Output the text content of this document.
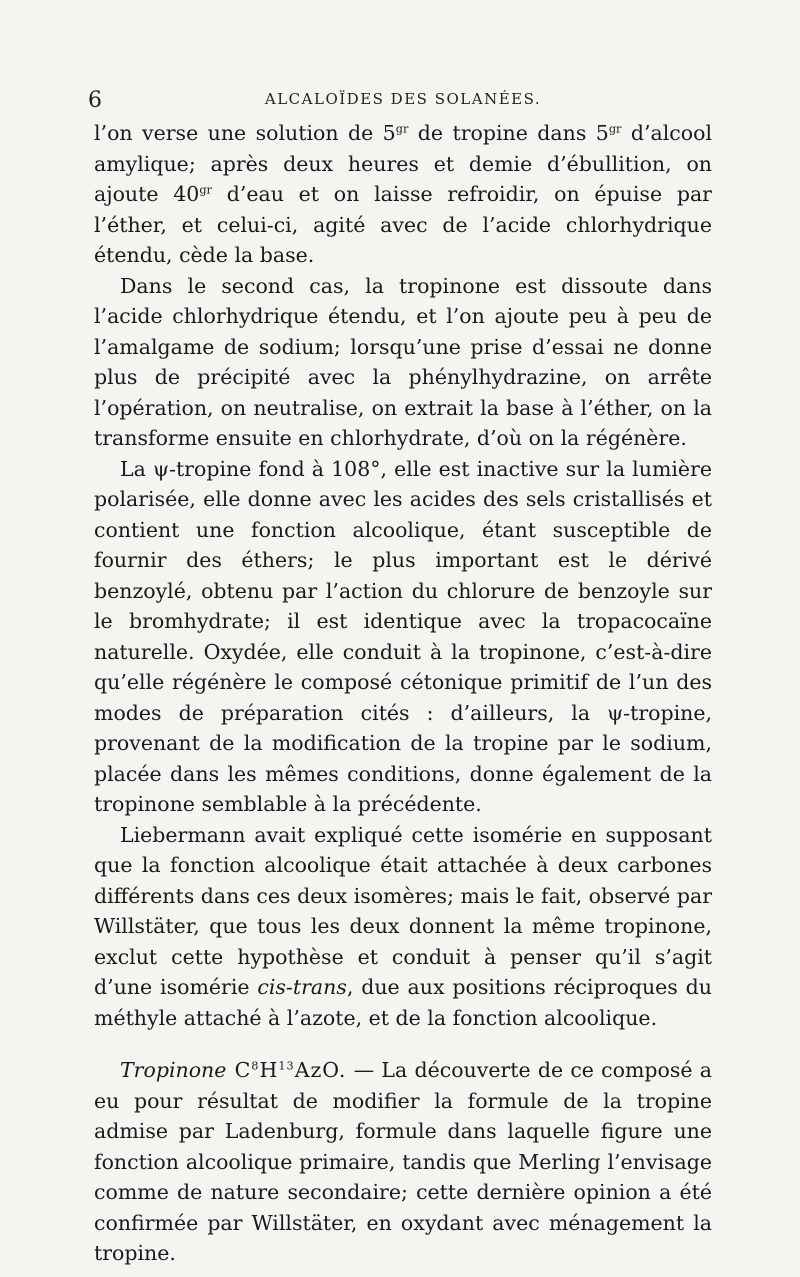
6	ALCALOÏDES DES SOLANÉES.

l’on verse une solution de $5^{gr}$ de tropine dans $5^{gr}$ d’alcool amylique; après deux heures et demie d’ébullition, on ajoute $40^{gr}$ d’eau et on laisse refroidir, on épuise par l’éther, et celui-ci, agité avec de l’acide chlorhydrique étendu, cède la base.

Dans le second cas, la tropinone est dissoute dans l’acide chlorhydrique étendu, et l’on ajoute peu à peu de l’amalgame de sodium; lorsqu’une prise d’essai ne donne plus de précipité avec la phénylhydrazine, on arrête l’opération, on neutralise, on extrait la base à l’éther, on la transforme ensuite en chlorhydrate, d’où on la régénère.

La ψ-tropine fond à 108°, elle est inactive sur la lumière polarisée, elle donne avec les acides des sels cristallisés et contient une fonction alcoolique, étant susceptible de fournir des éthers; le plus important est le dérivé benzoylé, obtenu par l’action du chlorure de benzoyle sur le bromhydrate; il est identique avec la tropacocaïne naturelle. Oxydée, elle conduit à la tropinone, c’est-à-dire qu’elle régénère le composé cétonique primitif de l’un des modes de préparation cités : d’ailleurs, la ψ-tropine, provenant de la modification de la tropine par le sodium, placée dans les mêmes conditions, donne également de la tropinone semblable à la précédente.

Liebermann avait expliqué cette isomérie en supposant que la fonction alcoolique était attachée à deux carbones différents dans ces deux isomères; mais le fait, observé par Willstäter, que tous les deux donnent la même tropinone, exclut cette hypothèse et conduit à penser qu’il s’agit d’une isomérie cis-trans, due aux positions réciproques du méthyle attaché à l’azote, et de la fonction alcoolique.

Tropinone $C^8H^{13}AzO$. — La découverte de ce composé a eu pour résultat de modifier la formule de la tropine admise par Ladenburg, formule dans laquelle figure une fonction alcoolique primaire, tandis que Merling l’envisage comme de nature secondaire; cette dernière opinion a été confirmée par Willstäter, en oxydant avec ménagement la tropine.
